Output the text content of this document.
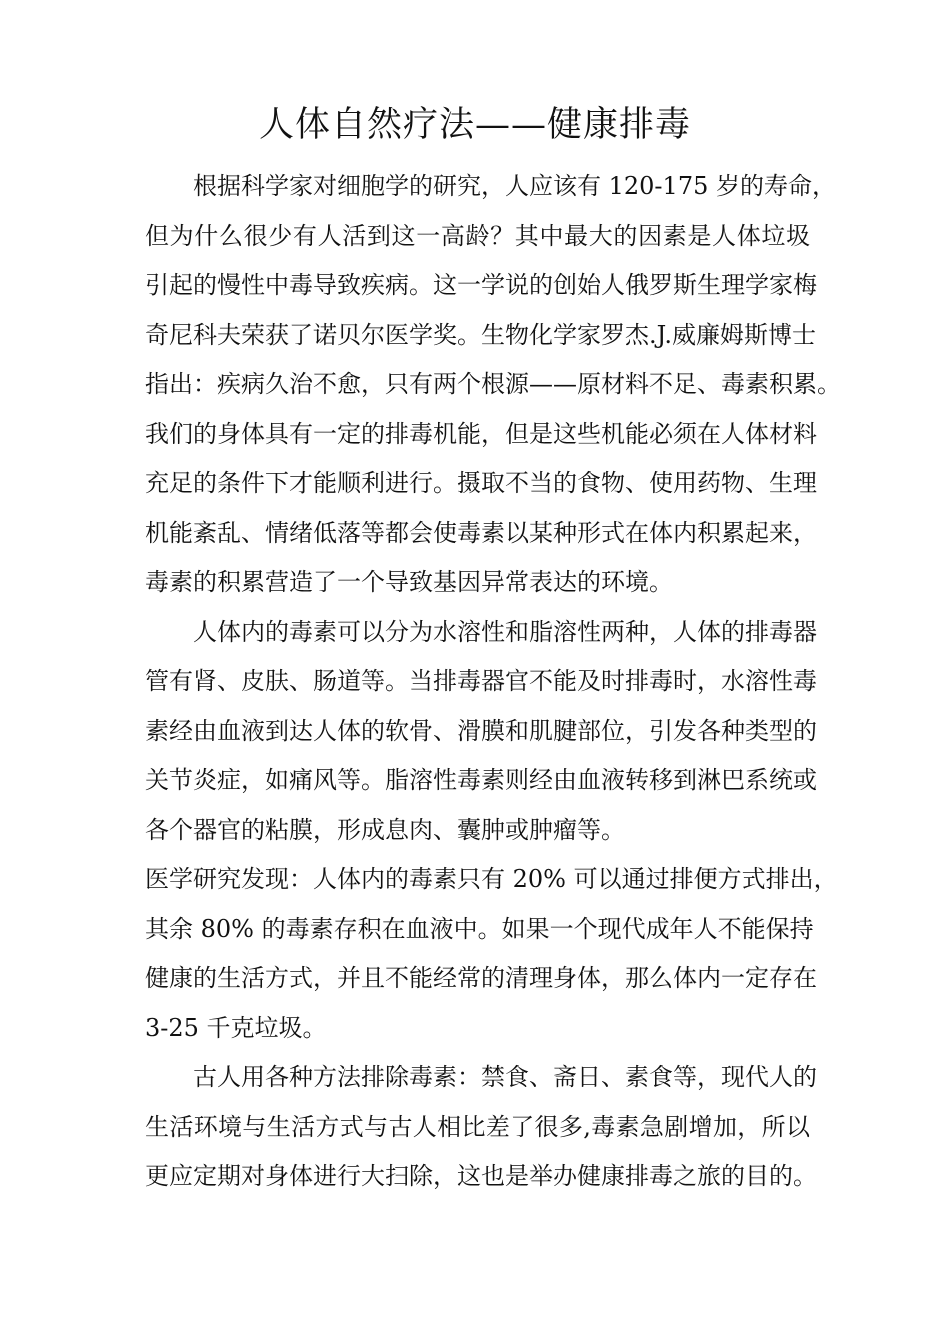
人体自然疗法——健康排毒
根据科学家对细胞学的研究，人应该有 120-175 岁的寿命，
但为什么很少有人活到这一高龄？其中最大的因素是人体垃圾
引起的慢性中毒导致疾病。这一学说的创始人俄罗斯生理学家梅
奇尼科夫荣获了诺贝尔医学奖。生物化学家罗杰.J.威廉姆斯博士
指出：疾病久治不愈，只有两个根源——原材料不足、毒素积累。
我们的身体具有一定的排毒机能，但是这些机能必须在人体材料
充足的条件下才能顺利进行。摄取不当的食物、使用药物、生理
机能紊乱、情绪低落等都会使毒素以某种形式在体内积累起来，
毒素的积累营造了一个导致基因异常表达的环境。
人体内的毒素可以分为水溶性和脂溶性两种，人体的排毒器
管有肾、皮肤、肠道等。当排毒器官不能及时排毒时，水溶性毒
素经由血液到达人体的软骨、滑膜和肌腱部位，引发各种类型的
关节炎症，如痛风等。脂溶性毒素则经由血液转移到淋巴系统或
各个器官的粘膜，形成息肉、囊肿或肿瘤等。
医学研究发现：人体内的毒素只有 20% 可以通过排便方式排出，
其余 80% 的毒素存积在血液中。如果一个现代成年人不能保持
健康的生活方式，并且不能经常的清理身体，那么体内一定存在
3-25 千克垃圾。
古人用各种方法排除毒素：禁食、斋日、素食等，现代人的
生活环境与生活方式与古人相比差了很多,毒素急剧增加，所以
更应定期对身体进行大扫除，这也是举办健康排毒之旅的目的。
